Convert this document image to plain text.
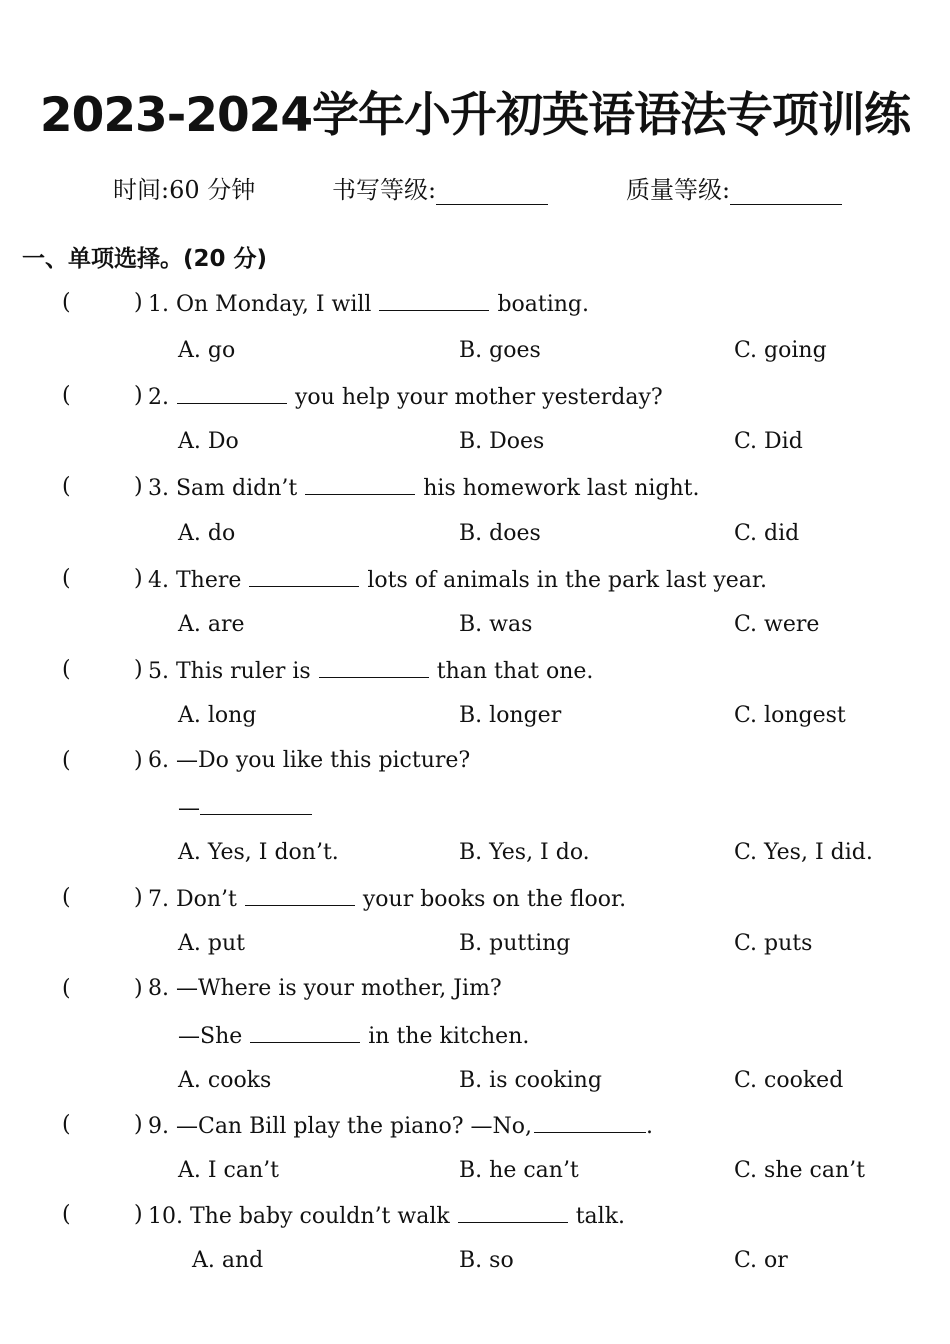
2023-2024学年小升初英语语法专项训练
时间:60 分钟	书写等级:	质量等级:
一、单项选择。(20 分)
(	) 1. On Monday, I will	boating.
A. go	B. goes	C. going
(	) 2.	you help your mother yesterday?
A. Do	B. Does	C. Did
(	) 3. Sam didn’t	his homework last night.
A. do	B. does	C. did
(	) 4. There	lots of animals in the park last year.
A. are	B. was	C. were
(	) 5. This ruler is	than that one.
A. long	B. longer	C. longest
(	) 6. —Do you like this picture?
—
A. Yes, I don’t.	B. Yes, I do.	C. Yes, I did.
(	) 7. Don’t	your books on the floor.
A. put	B. putting	C. puts
(	) 8. —Where is your mother, Jim?
—She	in the kitchen.
A. cooks	B. is cooking	C. cooked
(	) 9. —Can Bill play the piano? —No,	.
A. I can’t	B. he can’t	C. she can’t
(	) 10. The baby couldn’t walk	talk.
A. and	B. so	C. or
